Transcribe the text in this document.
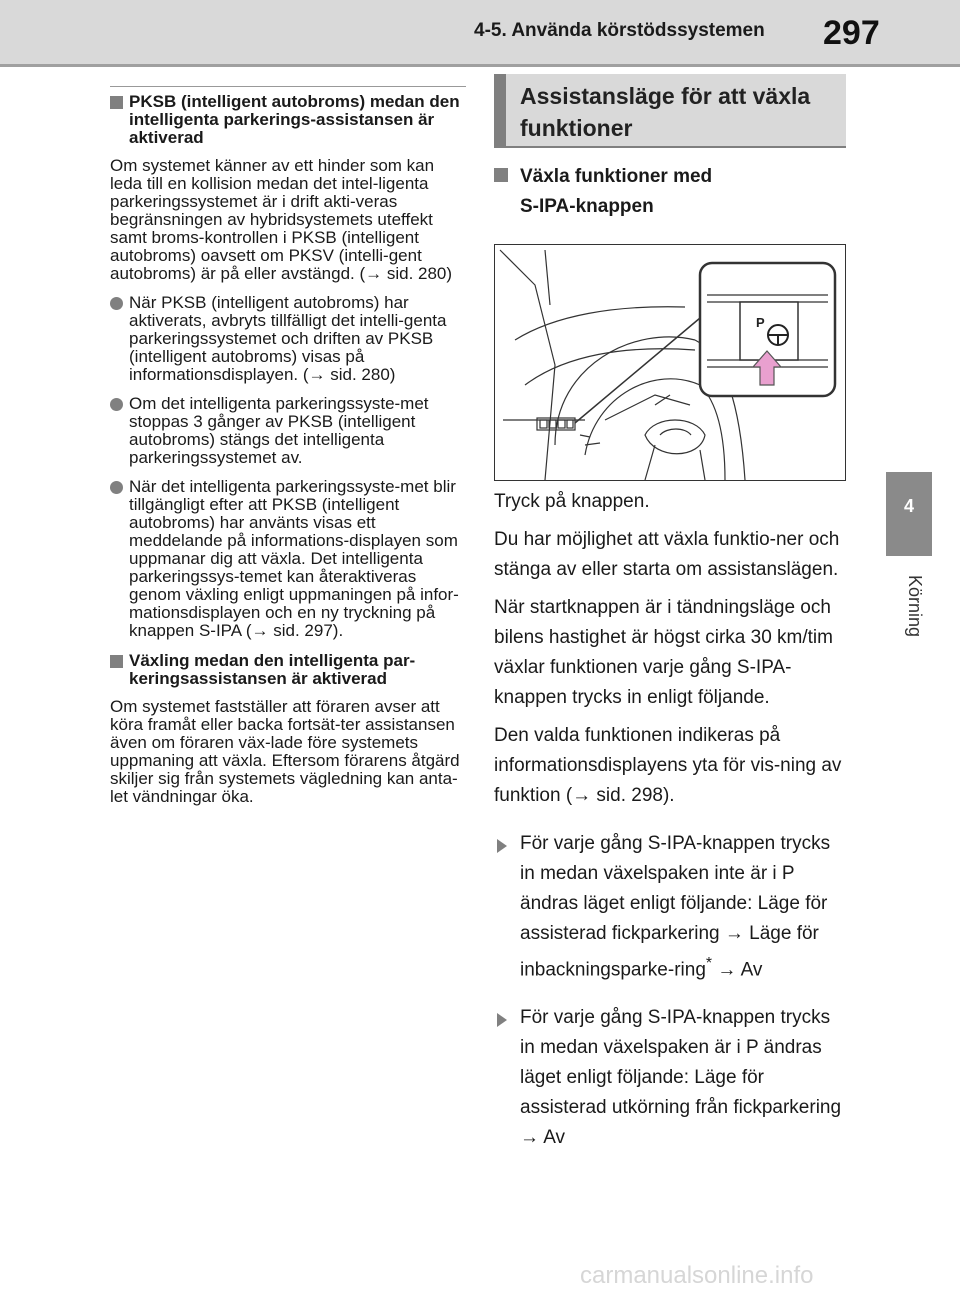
4-5. Använda körstödssystemen 297
4
Körning
PKSB (intelligent autobroms) medan den intelligenta parkerings-assistansen är aktiverad
Om systemet känner av ett hinder som kan leda till en kollision medan det intel-ligenta parkeringssystemet är i drift akti-veras begränsningen av hybridsystemets uteffekt samt broms-kontrollen i PKSB (intelligent autobroms) oavsett om PKSV (intelli-gent autobroms) är på eller avstängd. (→ sid. 280)
När PKSB (intelligent autobroms) har aktiverats, avbryts tillfälligt det intelli-genta parkeringssystemet och driften av PKSB (intelligent autobroms) visas på informationsdisplayen. (→ sid. 280)
Om det intelligenta parkeringssyste-met stoppas 3 gånger av PKSB (intelligent autobroms) stängs det intelligenta parkeringssystemet av.
När det intelligenta parkeringssyste-met blir tillgängligt efter att PKSB (intelligent autobroms) har använts visas ett meddelande på informations-displayen som uppmanar dig att växla. Det intelligenta parkeringssys-temet kan återaktiveras genom växling enligt uppmaningen på infor-mationsdisplayen och en ny tryckning på knappen S-IPA (→ sid. 297).
Växling medan den intelligenta par-keringsassistansen är aktiverad
Om systemet fastställer att föraren avser att köra framåt eller backa fortsät-ter assistansen även om föraren väx-lade före systemets uppmaning att växla. Eftersom förarens åtgärd skiljer sig från systemets vägledning kan anta-let vändningar öka.
Assistansläge för att växla
funktioner
Växla funktioner med
S-IPA-knappen
P
Tryck på knappen.
Du har möjlighet att växla funktio-ner och stänga av eller starta om assistanslägen.
När startknappen är i tändningsläge och bilens hastighet är högst cirka 30 km/tim växlar funktionen varje gång S-IPA-knappen trycks in enligt följande.
Den valda funktionen indikeras på informationsdisplayens yta för vis-ning av funktion (→ sid. 298).
För varje gång S-IPA-knappen trycks in medan växelspaken inte är i P ändras läget enligt följande: Läge för assisterad fickparkering → Läge för inbackningsparke-ring* → Av
För varje gång S-IPA-knappen trycks in medan växelspaken är i P ändras läget enligt följande: Läge för assisterad utkörning från fickparkering → Av
carmanualsonline.info
